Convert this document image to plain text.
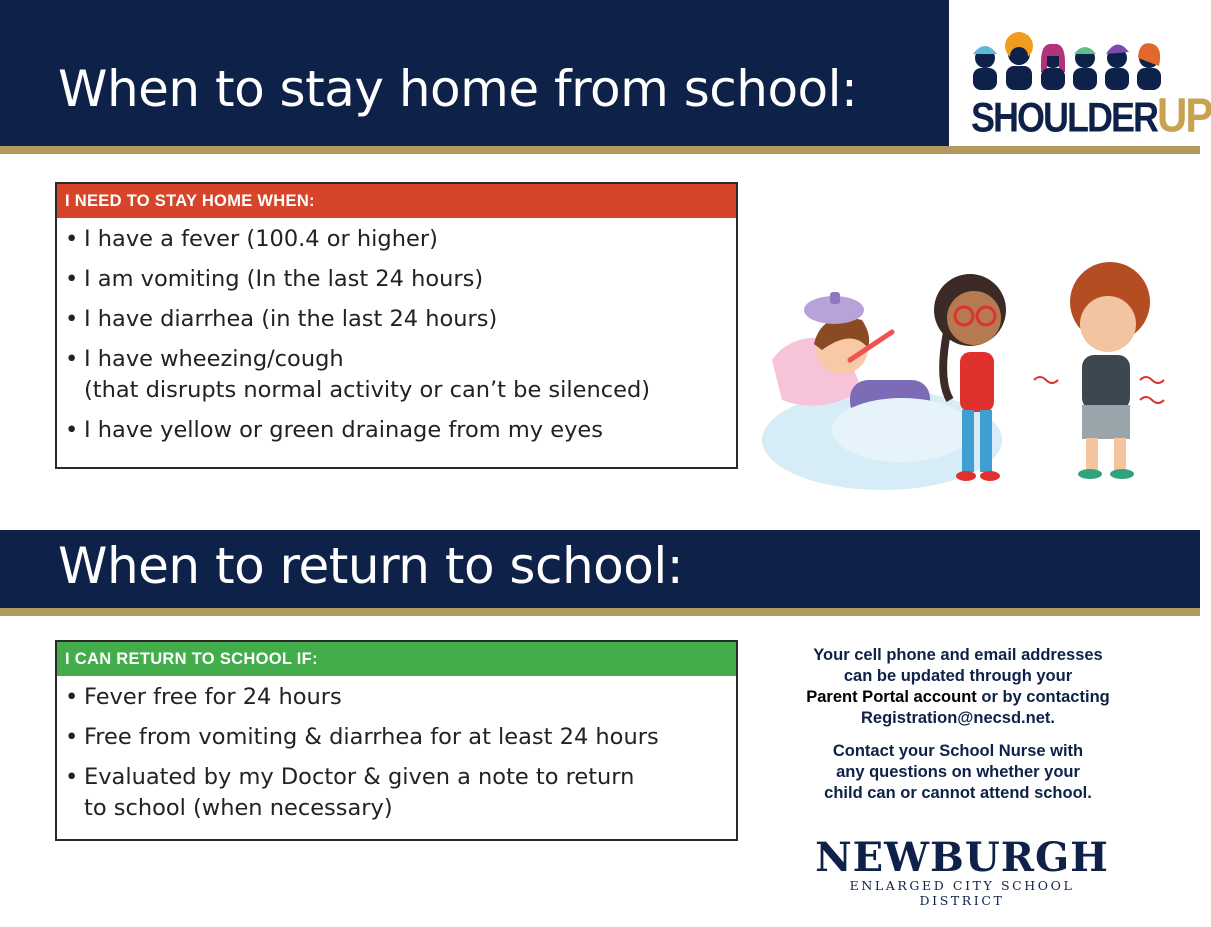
When to stay home from school:	SHOULDERUP
I NEED TO STAY HOME WHEN:
• I have a fever (100.4 or higher)
• I am vomiting (In the last 24 hours)
• I have diarrhea (in the last 24 hours)
• I have wheezing/cough
(that disrupts normal activity or can’t be silenced)
• I have yellow or green drainage from my eyes
When to return to school:
I CAN RETURN TO SCHOOL IF:
• Fever free for 24 hours
• Free from vomiting & diarrhea for at least 24 hours
• Evaluated by my Doctor & given a note to return
to school (when necessary)

Your cell phone and email addresses
can be updated through your
Parent Portal account or by contacting
Registration@necsd.net.

Contact your School Nurse with
any questions on whether your
child can or cannot attend school.

NEWBURGH
ENLARGED CITY SCHOOL DISTRICT
